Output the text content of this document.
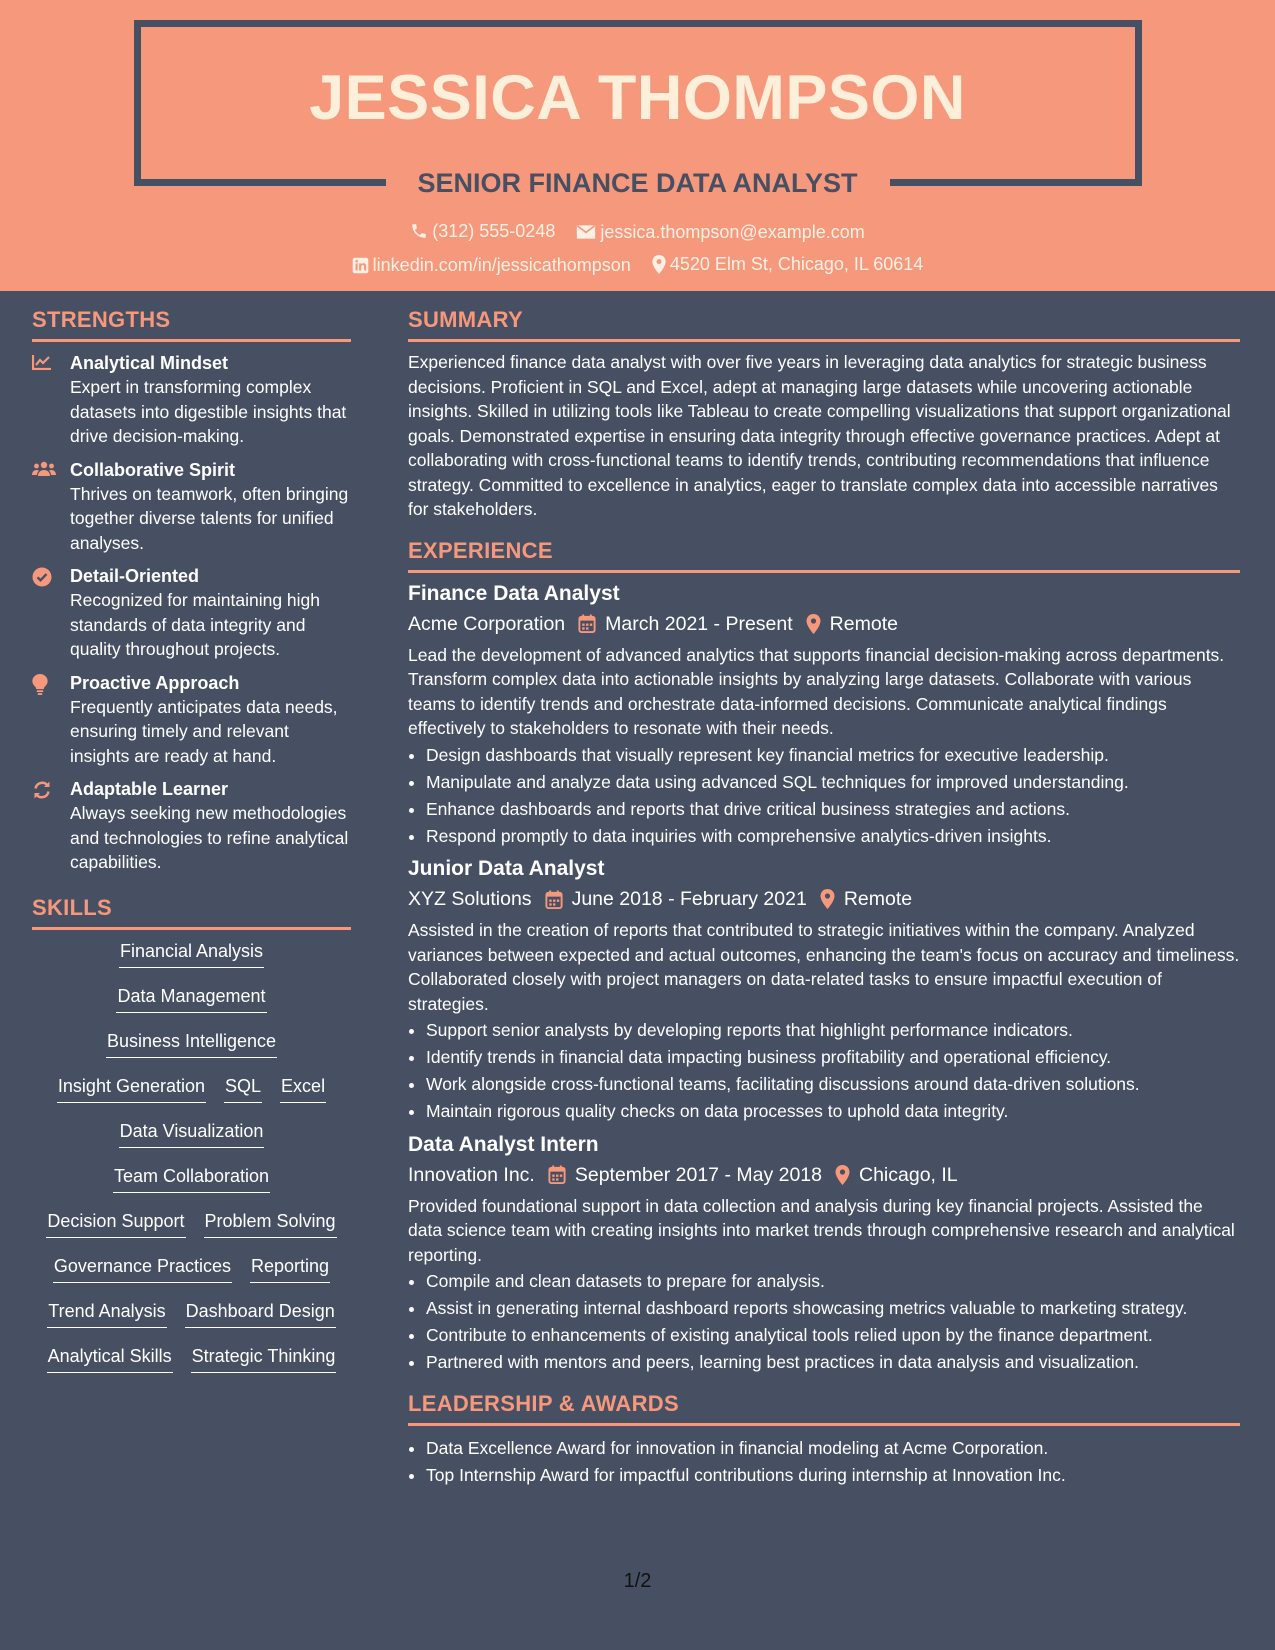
JESSICA THOMPSON
SENIOR FINANCE DATA ANALYST
(312) 555-0248
	jessica.thompson@example.com
linkedin.com/in/jessicathompson
4520 Elm St, Chicago, IL 60614
STRENGTHS
Analytical Mindset
Expert in transforming complex datasets into digestible insights that drive decision-making.
Collaborative Spirit
Thrives on teamwork, often bringing together diverse talents for unified analyses.
Detail-Oriented
Recognized for maintaining high standards of data integrity and quality throughout projects.
Proactive Approach
Frequently anticipates data needs, ensuring timely and relevant insights are ready at hand.
Adaptable Learner
Always seeking new methodologies and technologies to refine analytical capabilities.
SKILLS
Financial Analysis
Data Management
Business Intelligence
Insight Generation SQL Excel
Data Visualization
Team Collaboration
Decision Support Problem Solving
Governance Practices Reporting
Trend Analysis Dashboard Design
Analytical Skills Strategic Thinking
SUMMARY
Experienced finance data analyst with over five years in leveraging data analytics for strategic business decisions. Proficient in SQL and Excel, adept at managing large datasets while uncovering actionable insights. Skilled in utilizing tools like Tableau to create compelling visualizations that support organizational goals. Demonstrated expertise in ensuring data integrity through effective governance practices. Adept at collaborating with cross-functional teams to identify trends, contributing recommendations that influence strategy. Committed to excellence in analytics, eager to translate complex data into accessible narratives for stakeholders.
EXPERIENCE
Finance Data Analyst
Acme Corporation March 2021 - Present Remote
Lead the development of advanced analytics that supports financial decision-making across departments. Transform complex data into actionable insights by analyzing large datasets. Collaborate with various teams to identify trends and orchestrate data-informed decisions. Communicate analytical findings effectively to stakeholders to resonate with their needs.
• Design dashboards that visually represent key financial metrics for executive leadership.
• Manipulate and analyze data using advanced SQL techniques for improved understanding.
• Enhance dashboards and reports that drive critical business strategies and actions.
• Respond promptly to data inquiries with comprehensive analytics-driven insights.
Junior Data Analyst
XYZ Solutions June 2018 - February 2021 Remote
Assisted in the creation of reports that contributed to strategic initiatives within the company. Analyzed variances between expected and actual outcomes, enhancing the team's focus on accuracy and timeliness. Collaborated closely with project managers on data-related tasks to ensure impactful execution of strategies.
• Support senior analysts by developing reports that highlight performance indicators.
• Identify trends in financial data impacting business profitability and operational efficiency.
• Work alongside cross-functional teams, facilitating discussions around data-driven solutions.
• Maintain rigorous quality checks on data processes to uphold data integrity.
Data Analyst Intern
Innovation Inc. September 2017 - May 2018 Chicago, IL
Provided foundational support in data collection and analysis during key financial projects. Assisted the data science team with creating insights into market trends through comprehensive research and analytical reporting.
• Compile and clean datasets to prepare for analysis.
• Assist in generating internal dashboard reports showcasing metrics valuable to marketing strategy.
• Contribute to enhancements of existing analytical tools relied upon by the finance department.
• Partnered with mentors and peers, learning best practices in data analysis and visualization.
LEADERSHIP & AWARDS
• Data Excellence Award for innovation in financial modeling at Acme Corporation.
• Top Internship Award for impactful contributions during internship at Innovation Inc.
1/2
